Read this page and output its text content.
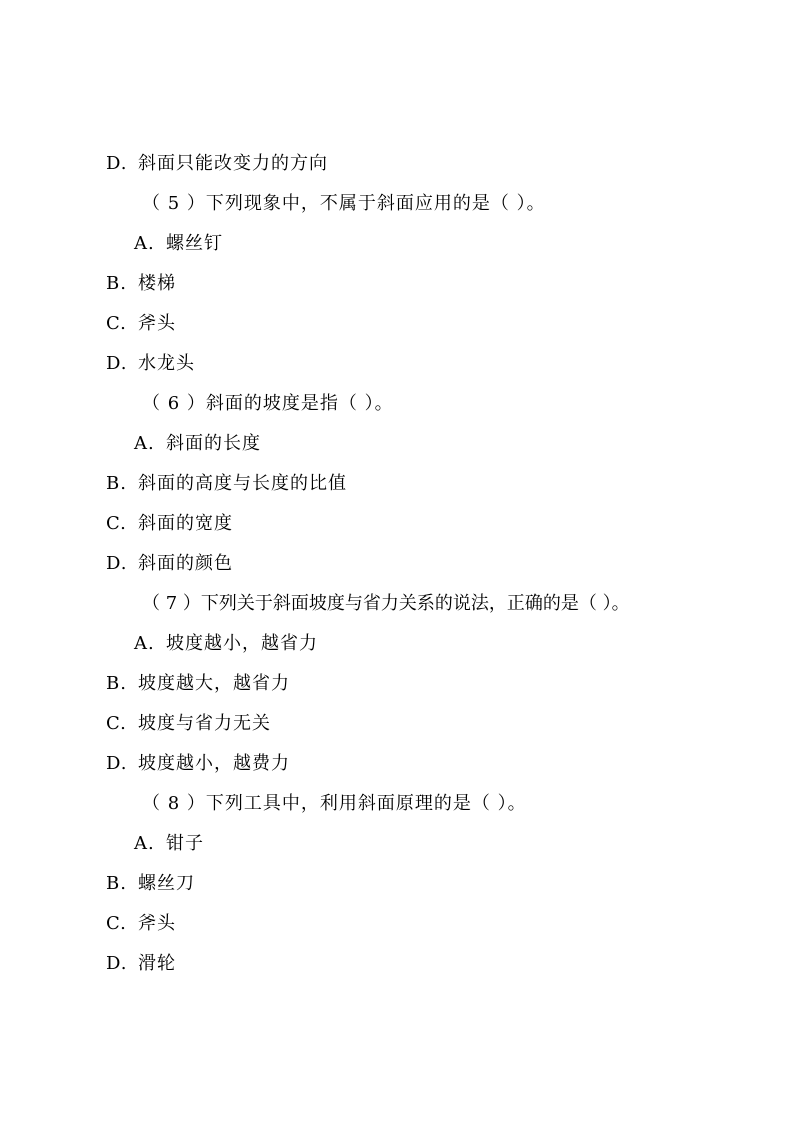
D. 斜面只能改变力的方向
（ 5 ）下列现象中，不属于斜面应用的是（ ）。
A. 螺丝钉
B. 楼梯
C. 斧头
D. 水龙头
（ 6 ）斜面的坡度是指（ ）。
A. 斜面的长度
B. 斜面的高度与长度的比值
C. 斜面的宽度
D. 斜面的颜色
（ 7 ）下列关于斜面坡度与省力关系的说法，正确的是（ ）。
A. 坡度越小，越省力
B. 坡度越大，越省力
C. 坡度与省力无关
D. 坡度越小，越费力
（ 8 ）下列工具中，利用斜面原理的是（ ）。
A. 钳子
B. 螺丝刀
C. 斧头
D. 滑轮
